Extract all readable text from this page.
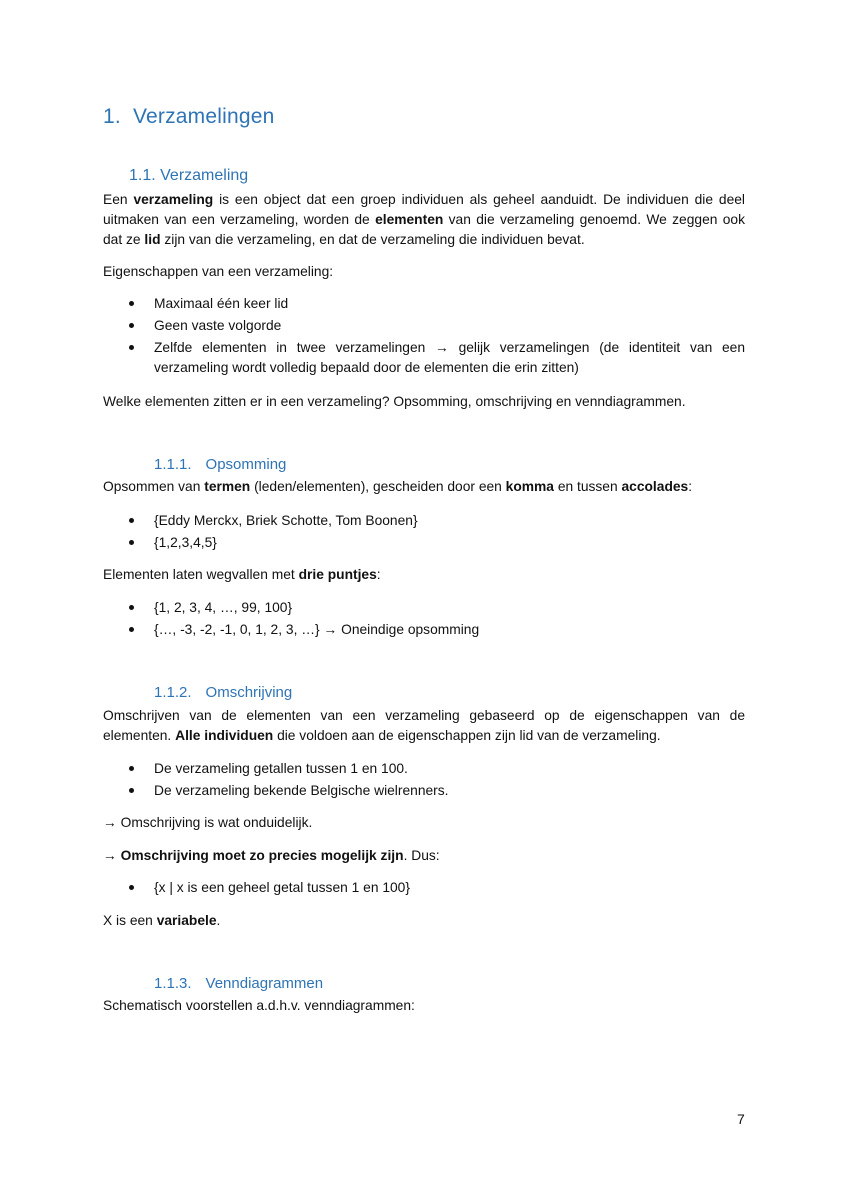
1. Verzamelingen
1.1. Verzameling
Een verzameling is een object dat een groep individuen als geheel aanduidt. De individuen die deel
uitmaken van een verzameling, worden de elementen van die verzameling genoemd. We zeggen ook
dat ze lid zijn van die verzameling, en dat de verzameling die individuen bevat.
Eigenschappen van een verzameling:
Maximaal één keer lid
Geen vaste volgorde
Zelfde elementen in twee verzamelingen → gelijk verzamelingen (de identiteit van een
verzameling wordt volledig bepaald door de elementen die erin zitten)
Welke elementen zitten er in een verzameling? Opsomming, omschrijving en venndiagrammen.
1.1.1. Opsomming
Opsommen van termen (leden/elementen), gescheiden door een komma en tussen accolades:
{Eddy Merckx, Briek Schotte, Tom Boonen}
{1,2,3,4,5}
Elementen laten wegvallen met drie puntjes:
{1, 2, 3, 4, …, 99, 100}
{…, -3, -2, -1, 0, 1, 2, 3, …} → Oneindige opsomming
1.1.2. Omschrijving
Omschrijven van de elementen van een verzameling gebaseerd op de eigenschappen van de
elementen. Alle individuen die voldoen aan de eigenschappen zijn lid van de verzameling.
De verzameling getallen tussen 1 en 100.
De verzameling bekende Belgische wielrenners.
→ Omschrijving is wat onduidelijk.
→ Omschrijving moet zo precies mogelijk zijn. Dus:
{x | x is een geheel getal tussen 1 en 100}
X is een variabele.
1.1.3. Venndiagrammen
Schematisch voorstellen a.d.h.v. venndiagrammen:
7
